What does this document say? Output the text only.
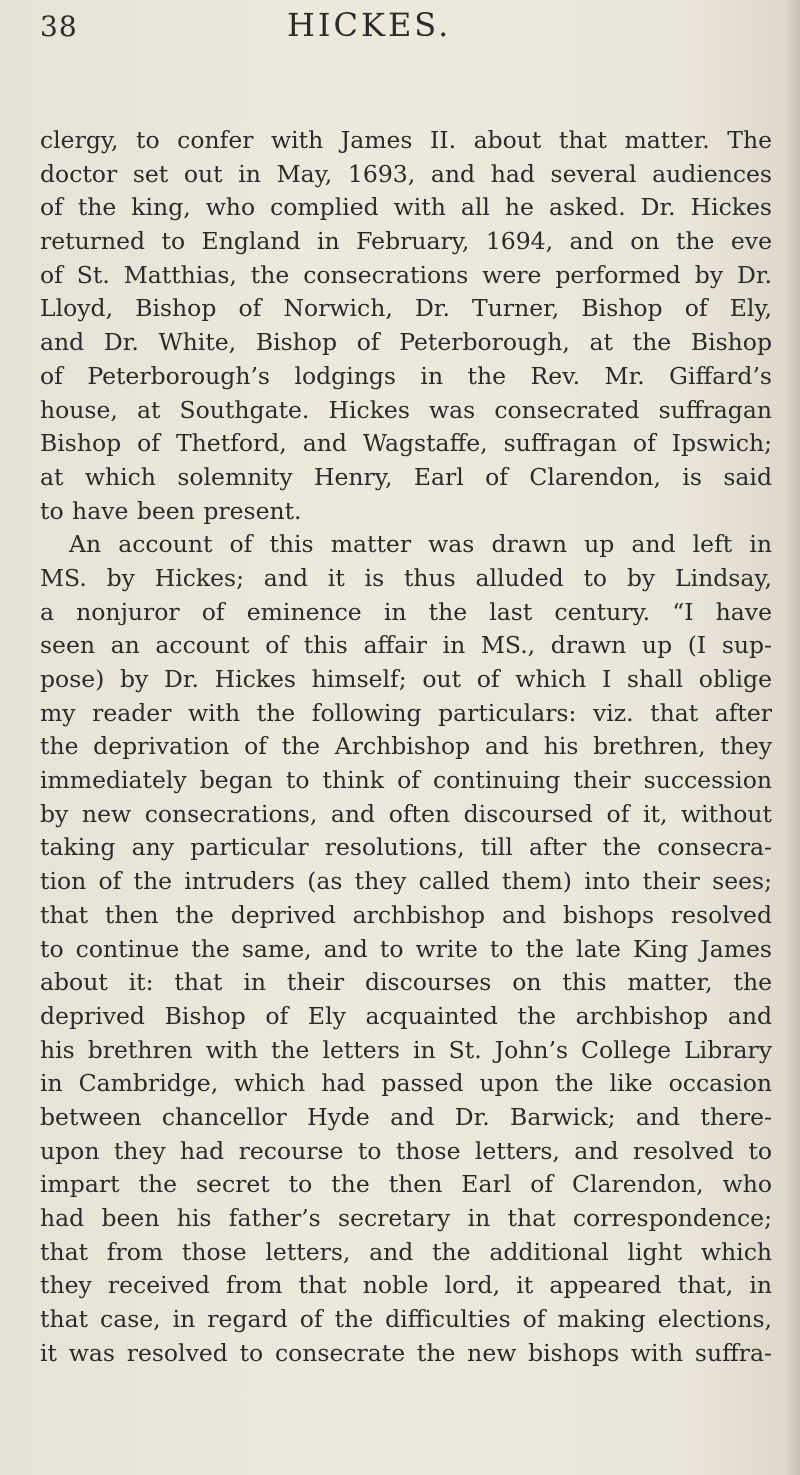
38	HICKES.
clergy, to confer with James II. about that matter. The
doctor set out in May, 1693, and had several audiences
of the king, who complied with all he asked. Dr. Hickes
returned to England in February, 1694, and on the eve
of St. Matthias, the consecrations were performed by Dr.
Lloyd, Bishop of Norwich, Dr. Turner, Bishop of Ely,
and Dr. White, Bishop of Peterborough, at the Bishop
of Peterborough’s lodgings in the Rev. Mr. Giffard’s
house, at Southgate. Hickes was consecrated suffragan
Bishop of Thetford, and Wagstaffe, suffragan of Ipswich;
at which solemnity Henry, Earl of Clarendon, is said
to have been present.
An account of this matter was drawn up and left in
MS. by Hickes; and it is thus alluded to by Lindsay,
a nonjuror of eminence in the last century. “I have
seen an account of this affair in MS., drawn up (I sup-
pose) by Dr. Hickes himself; out of which I shall oblige
my reader with the following particulars: viz. that after
the deprivation of the Archbishop and his brethren, they
immediately began to think of continuing their succession
by new consecrations, and often discoursed of it, without
taking any particular resolutions, till after the consecra-
tion of the intruders (as they called them) into their sees;
that then the deprived archbishop and bishops resolved
to continue the same, and to write to the late King James
about it: that in their discourses on this matter, the
deprived Bishop of Ely acquainted the archbishop and
his brethren with the letters in St. John’s College Library
in Cambridge, which had passed upon the like occasion
between chancellor Hyde and Dr. Barwick; and there-
upon they had recourse to those letters, and resolved to
impart the secret to the then Earl of Clarendon, who
had been his father’s secretary in that correspondence;
that from those letters, and the additional light which
they received from that noble lord, it appeared that, in
that case, in regard of the difficulties of making elections,
it was resolved to consecrate the new bishops with suffra-
